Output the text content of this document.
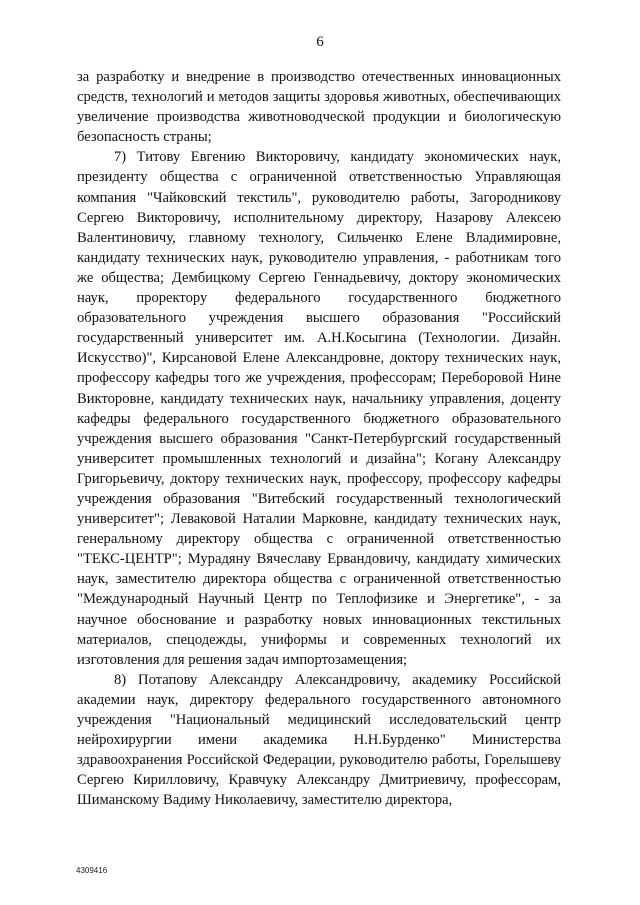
6

за разработку и внедрение в производство отечественных инновационных средств, технологий и методов защиты здоровья животных, обеспечивающих увеличение производства животноводческой продукции и биологическую безопасность страны;

7) Титову Евгению Викторовичу, кандидату экономических наук, президенту общества с ограниченной ответственностью Управляющая компания "Чайковский текстиль", руководителю работы, Загородникову Сергею Викторовичу, исполнительному директору, Назарову Алексею Валентиновичу, главному технологу, Сильченко Елене Владимировне, кандидату технических наук, руководителю управления, - работникам того же общества; Дембицкому Сергею Геннадьевичу, доктору экономических наук, проректору федерального государственного бюджетного образовательного учреждения высшего образования "Российский государственный университет им. А.Н.Косыгина (Технологии. Дизайн. Искусство)", Кирсановой Елене Александровне, доктору технических наук, профессору кафедры того же учреждения, профессорам; Переборовой Нине Викторовне, кандидату технических наук, начальнику управления, доценту кафедры федерального государственного бюджетного образовательного учреждения высшего образования "Санкт-Петербургский государственный университет промышленных технологий и дизайна"; Когану Александру Григорьевичу, доктору технических наук, профессору, профессору кафедры учреждения образования "Витебский государственный технологический университет"; Леваковой Наталии Марковне, кандидату технических наук, генеральному директору общества с ограниченной ответственностью "ТЕКС-ЦЕНТР"; Мурадяну Вячеславу Ервандовичу, кандидату химических наук, заместителю директора общества с ограниченной ответственностью "Международный Научный Центр по Теплофизике и Энергетике", - за научное обоснование и разработку новых инновационных текстильных материалов, спецодежды, униформы и современных технологий их изготовления для решения задач импортозамещения;

8) Потапову Александру Александровичу, академику Российской академии наук, директору федерального государственного автономного учреждения "Национальный медицинский исследовательский центр нейрохирургии имени академика Н.Н.Бурденко" Министерства здравоохранения Российской Федерации, руководителю работы, Горелышеву Сергею Кирилловичу, Кравчуку Александру Дмитриевичу, профессорам, Шиманскому Вадиму Николаевичу, заместителю директора,

4309416
